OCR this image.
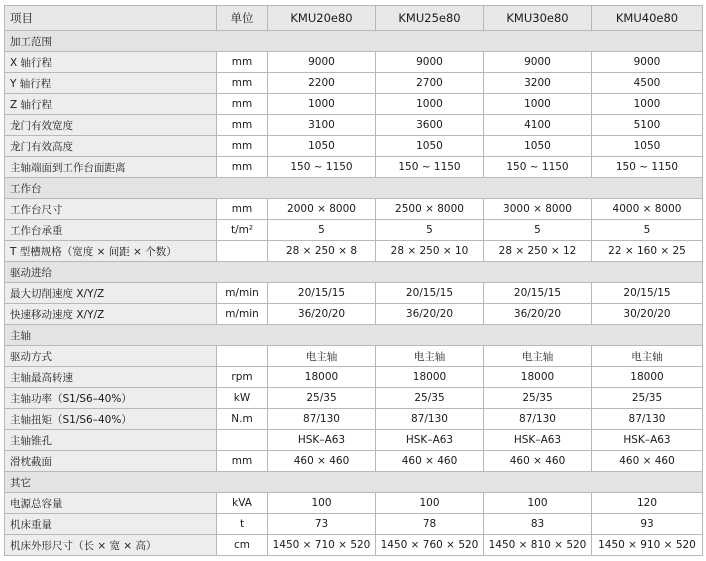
项目	单位	KMU20e80	KMU25e80	KMU30e80	KMU40e80
加工范围					
X 轴行程	mm	9000	9000	9000	9000
Y 轴行程	mm	2200	2700	3200	4500
Z 轴行程	mm	1000	1000	1000	1000
龙门有效宽度	mm	3100	3600	4100	5100
龙门有效高度	mm	1050	1050	1050	1050
主轴端面到工作台面距离	mm	150 ~ 1150	150 ~ 1150	150 ~ 1150	150 ~ 1150
工作台					
工作台尺寸	mm	2000 × 8000	2500 × 8000	3000 × 8000	4000 × 8000
工作台承重	t/m²	5	5	5	5
T 型槽规格（宽度 × 间距 × 个数）		28 × 250 × 8	28 × 250 × 10	28 × 250 × 12	22 × 160 × 25
驱动进给					
最大切削速度 X/Y/Z	m/min	20/15/15	20/15/15	20/15/15	20/15/15
快速移动速度 X/Y/Z	m/min	36/20/20	36/20/20	36/20/20	30/20/20
主轴					
驱动方式		电主轴	电主轴	电主轴	电主轴
主轴最高转速	rpm	18000	18000	18000	18000
主轴功率（S1/S6–40%）	kW	25/35	25/35	25/35	25/35
主轴扭矩（S1/S6–40%）	N.m	87/130	87/130	87/130	87/130
主轴锥孔		HSK–A63	HSK–A63	HSK–A63	HSK–A63
滑枕截面	mm	460 × 460	460 × 460	460 × 460	460 × 460
其它					
电源总容量	kVA	100	100	100	120
机床重量	t	73	78	83	93
机床外形尺寸（长 × 宽 × 高）	cm	1450 × 710 × 520	1450 × 760 × 520	1450 × 810 × 520	1450 × 910 × 520
